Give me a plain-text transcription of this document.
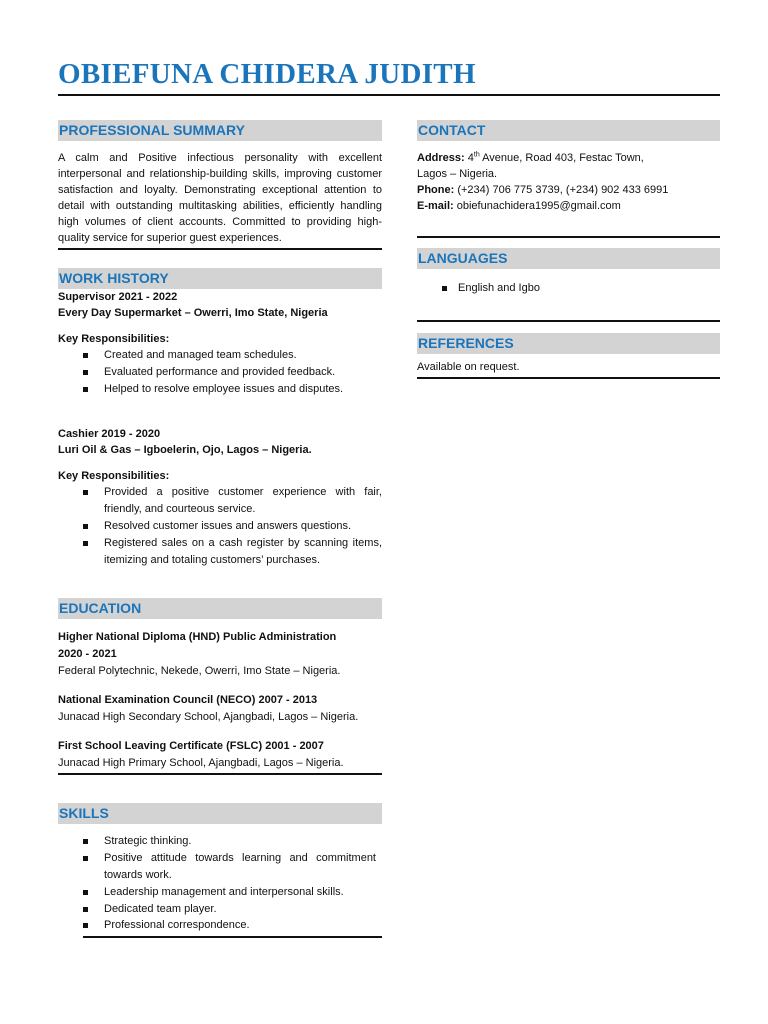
OBIEFUNA CHIDERA JUDITH
PROFESSIONAL SUMMARY

A calm and Positive infectious personality with excellent interpersonal and relationship-building skills, improving customer satisfaction and loyalty. Demonstrating exceptional attention to detail with outstanding multitasking abilities, efficiently handling high volumes of client accounts. Committed to providing high-quality service for superior guest experiences.

WORK HISTORY

Supervisor 2021 - 2022

Every Day Supermarket – Owerri, Imo State, Nigeria

Key Responsibilities:

Created and managed team schedules.
Evaluated performance and provided feedback.
Helped to resolve employee issues and disputes.

Cashier 2019 - 2020

Luri Oil & Gas – Igboelerin, Ojo, Lagos – Nigeria.

Key Responsibilities:

Provided a positive customer experience with fair, friendly, and courteous service.
Resolved customer issues and answers questions.
Registered sales on a cash register by scanning items, itemizing and totaling customers’ purchases.
EDUCATION

Higher National Diploma (HND) Public Administration

2020 - 2021

Federal Polytechnic, Nekede, Owerri, Imo State – Nigeria.

National Examination Council (NECO) 2007 - 2013

Junacad High Secondary School, Ajangbadi, Lagos – Nigeria.

First School Leaving Certificate (FSLC) 2001 - 2007

Junacad High Primary School, Ajangbadi, Lagos – Nigeria.

SKILLS
Strategic thinking.
Positive attitude towards learning and commitment towards work.
Leadership management and interpersonal skills.
Dedicated team player.
Professional correspondence.
CONTACT

Address: 4th Avenue, Road 403, Festac Town,

Lagos – Nigeria.

Phone: (+234) 706 775 3739, (+234) 902 433 6991

E-mail: obiefunachidera1995@gmail.com

LANGUAGES
English and Igbo
REFERENCES

Available on request.
